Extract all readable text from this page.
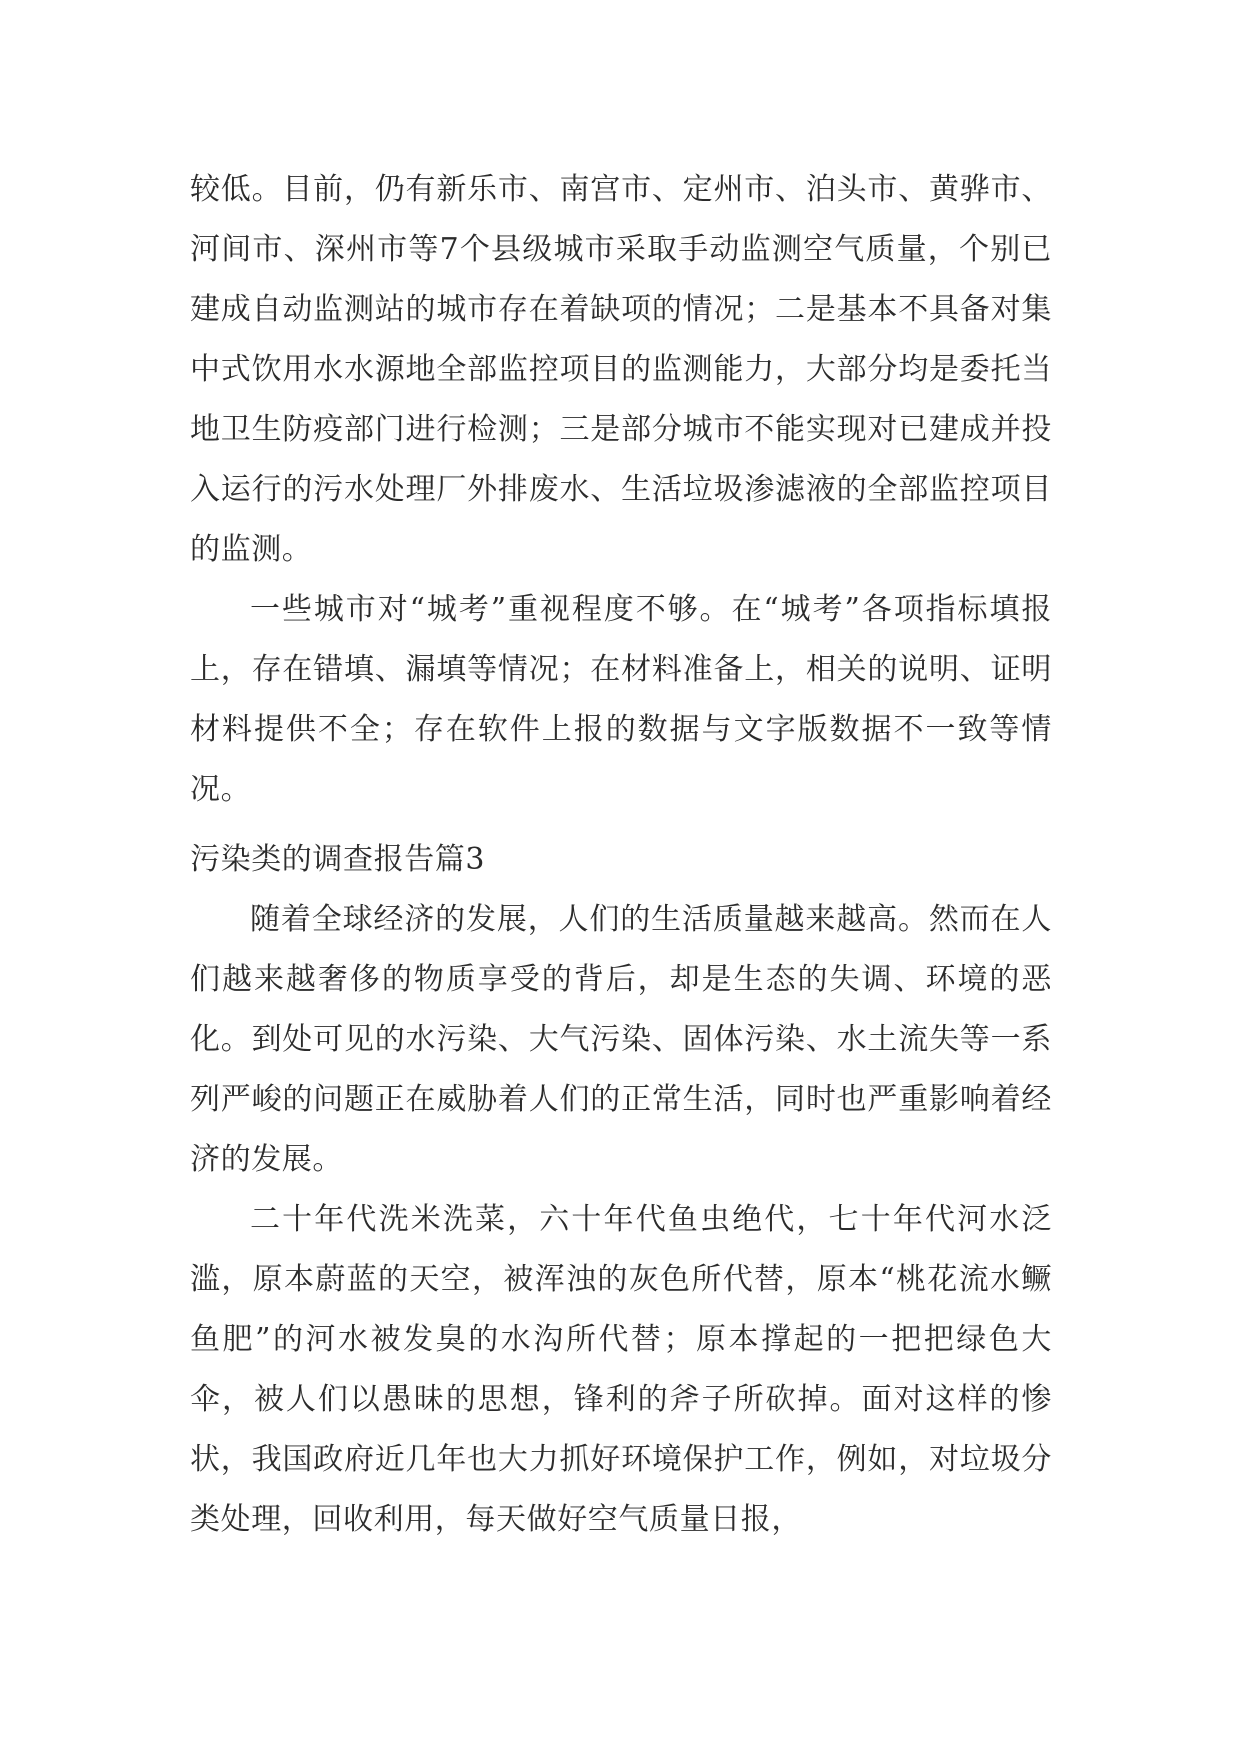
较低。目前，仍有新乐市、南宫市、定州市、泊头市、黄骅市、河间市、深州市等7个县级城市采取手动监测空气质量，个别已建成自动监测站的城市存在着缺项的情况；二是基本不具备对集中式饮用水水源地全部监控项目的监测能力，大部分均是委托当地卫生防疫部门进行检测；三是部分城市不能实现对已建成并投入运行的污水处理厂外排废水、生活垃圾渗滤液的全部监控项目的监测。

一些城市对“城考”重视程度不够。在“城考”各项指标填报上，存在错填、漏填等情况；在材料准备上，相关的说明、证明材料提供不全；存在软件上报的数据与文字版数据不一致等情况。

污染类的调查报告篇3

随着全球经济的发展，人们的生活质量越来越高。然而在人们越来越奢侈的物质享受的背后，却是生态的失调、环境的恶化。到处可见的水污染、大气污染、固体污染、水土流失等一系列严峻的问题正在威胁着人们的正常生活，同时也严重影响着经济的发展。

二十年代洗米洗菜，六十年代鱼虫绝代，七十年代河水泛滥，原本蔚蓝的天空，被浑浊的灰色所代替，原本“桃花流水鳜鱼肥”的河水被发臭的水沟所代替；原本撑起的一把把绿色大伞，被人们以愚昧的思想，锋利的斧子所砍掉。面对这样的惨状，我国政府近几年也大力抓好环境保护工作，例如，对垃圾分类处理，回收利用，每天做好空气质量日报，
